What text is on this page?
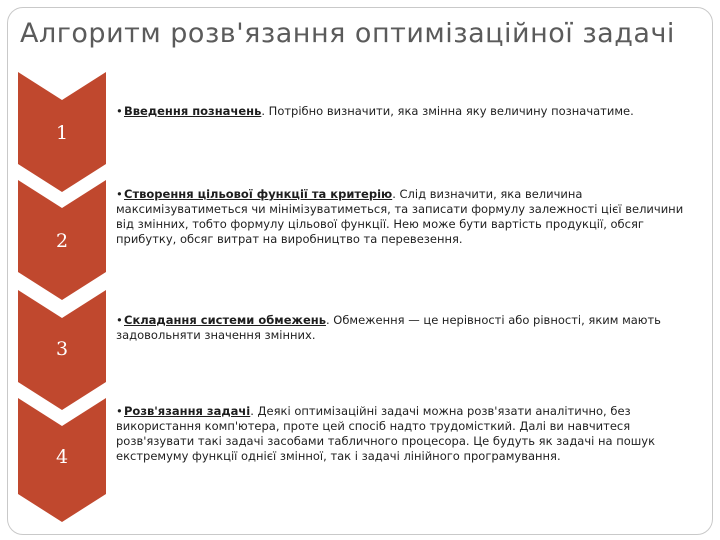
Алгоритм розв'язання оптимізаційної задачі
1
2
3
4
•Введення позначень. Потрібно визначити, яка змінна яку величину позначатиме.
•Створення цільової функції та критерію. Слід визначити, яка величина максимізуватиметься чи мінімізуватиметься, та записати формулу залежності цієї величини від змінних, тобто формулу цільової функції. Нею може бути вартість продукції, обсяг прибутку, обсяг витрат на виробництво та перевезення.
•Складання системи обмежень. Обмеження — це нерівності або рівності, яким мають задовольняти значення змінних.
•Розв'язання задачі. Деякі оптимізаційні задачі можна розв'язати аналітично, без використання комп'ютера, проте цей спосіб надто трудомісткий. Далі ви навчитеся розв'язувати такі задачі засобами табличного процесора. Це будуть як задачі на пошук екстремуму функції однієї змінної, так і задачі лінійного програмування.
